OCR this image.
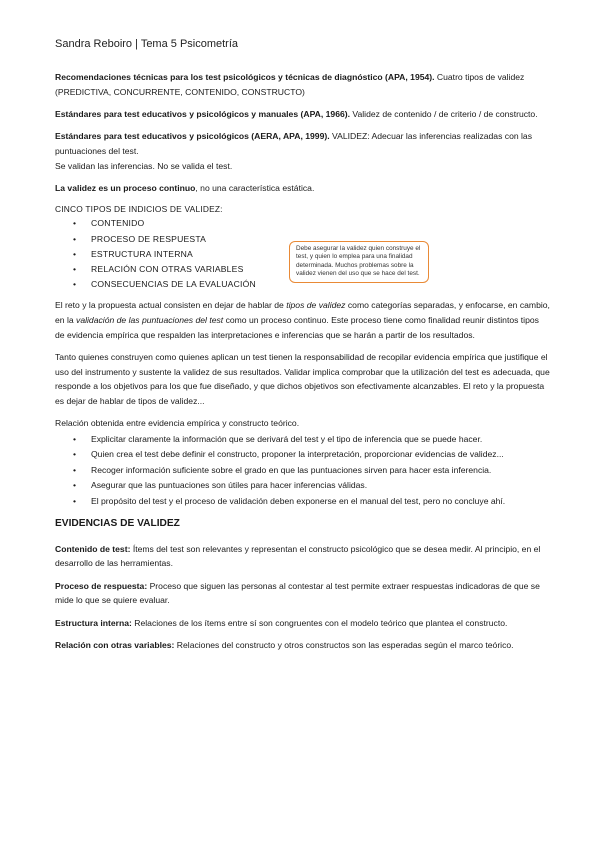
Sandra Reboiro | Tema 5 Psicometría

Recomendaciones técnicas para los test psicológicos y técnicas de diagnóstico (APA, 1954). Cuatro tipos de validez (PREDICTIVA, CONCURRENTE, CONTENIDO, CONSTRUCTO)

Estándares para test educativos y psicológicos y manuales (APA, 1966). Validez de contenido / de criterio / de constructo.

Estándares para test educativos y psicológicos (AERA, APA, 1999). VALIDEZ: Adecuar las inferencias realizadas con las puntuaciones del test.
Se validan las inferencias. No se valida el test.

La validez es un proceso continuo, no una característica estática.

CINCO TIPOS DE INDICIOS DE VALIDEZ:
• CONTENIDO
• PROCESO DE RESPUESTA
• ESTRUCTURA INTERNA
• RELACIÓN CON OTRAS VARIABLES
• CONSECUENCIAS DE LA EVALUACIÓN

El reto y la propuesta actual consisten en dejar de hablar de tipos de validez como categorías separadas, y enfocarse, en cambio, en la validación de las puntuaciones del test como un proceso continuo. Este proceso tiene como finalidad reunir distintos tipos de evidencia empírica que respalden las interpretaciones e inferencias que se harán a partir de los resultados.

Tanto quienes construyen como quienes aplican un test tienen la responsabilidad de recopilar evidencia empírica que justifique el uso del instrumento y sustente la validez de sus resultados. Validar implica comprobar que la utilización del test es adecuada, que responde a los objetivos para los que fue diseñado, y que dichos objetivos son efectivamente alcanzables. El reto y la propuesta es dejar de hablar de tipos de validez...

Relación obtenida entre evidencia empírica y constructo teórico.
• Explicitar claramente la información que se derivará del test y el tipo de inferencia que se puede hacer.
• Quien crea el test debe definir el constructo, proponer la interpretación, proporcionar evidencias de validez...
• Recoger información suficiente sobre el grado en que las puntuaciones sirven para hacer esta inferencia.
• Asegurar que las puntuaciones son útiles para hacer inferencias válidas.
• El propósito del test y el proceso de validación deben exponerse en el manual del test, pero no concluye ahí.
EVIDENCIAS DE VALIDEZ

Contenido de test: Ítems del test son relevantes y representan el constructo psicológico que se desea medir. Al principio, en el desarrollo de las herramientas.

Proceso de respuesta: Proceso que siguen las personas al contestar al test permite extraer respuestas indicadoras de que se mide lo que se quiere evaluar.

Estructura interna: Relaciones de los ítems entre sí son congruentes con el modelo teórico que plantea el constructo.

Relación con otras variables: Relaciones del constructo y otros constructos son las esperadas según el marco teórico.

Debe asegurar la validez quien construye el test, y quien lo emplea para una finalidad determinada. Muchos problemas sobre la validez vienen del uso que se hace del test.
